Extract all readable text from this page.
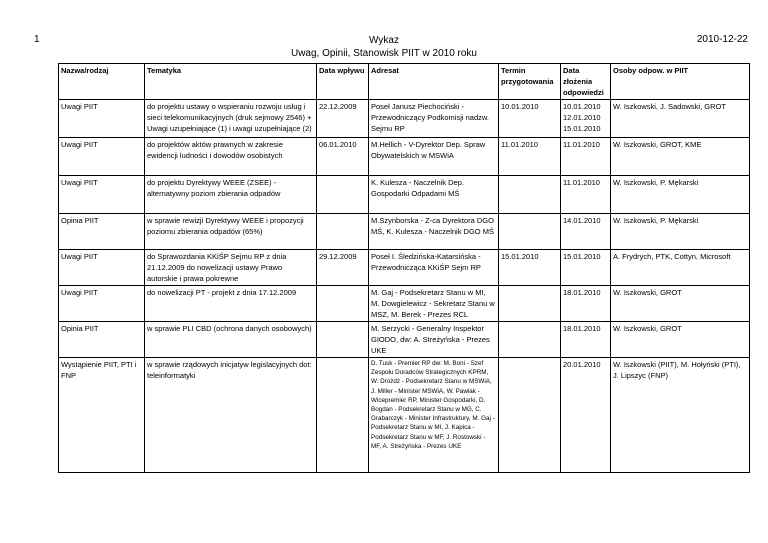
1	Wykaz
Uwag, Opinii, Stanowisk PIIT w 2010 roku
2010-12-22
Nazwa/rodzaj	Tematyka	Data wpływu	Adresat	Termin przygotowania	Data złożenia odpowiedzi	Osoby odpow. w PIIT
Uwagi PIIT	do projektu ustawy o wspieraniu rozwoju usług i sieci telekomunikacyjnych (druk sejmowy 2546) + Uwagi uzupełniające (1) i uwagi uzupełniające (2)	22.12.2009	Poseł Janusz Piechociński - Przewodniczący Podkomisji nadzw. Sejmu RP	10.01.2010	10.01.2010 12.01.2010 15.01.2010	W. Iszkowski, J. Sadowski, GROT
Uwagi PIIT	do projektów aktów prawnych w zakresie ewidencji ludności i dowodów osobistych	06.01.2010	M.Hellich - V-Dyrektor Dep. Spraw Obywatelskich w MSWiA	11.01.2010	11.01.2010	W. Iszkowski, GROT, KME
Uwagi PIIT	do projektu Dyrektywy WEEE (ZSEE) - alternatywny poziom zbierania odpadów		K. Kulesza - Naczelnik Dep. Gospodarki Odpadami MŚ		11.01.2010	W. Iszkowski, P. Mękarski
Opinia PIIT	w sprawie rewizji Dyrektywy WEEE i propozycji poziomu zbierania odpadów (65%)		M.Szynborska - Z-ca Dyrektora DGO MŚ, K. Kulesza - Naczelnik DGO MŚ		14.01.2010	W. Iszkowski, P. Mękarski
Uwagi PIIT	do Sprawozdania KKiŚP Sejmu RP z dnia 21.12.2009 do nowelizacji ustawy Prawo autorskie i prawa pokrewne	29.12.2009	Poseł I. Śledzińska-Katarsińska - Przewodnicząca KKiŚP Sejm RP	15.01.2010	15.01.2010	A. Frydrych, PTK, Cottyn, Microsoft
Uwagi PIIT	do nowelizacji PT - projekt z dnia 17.12.2009		M. Gaj - Podsekretarz Stanu w MI, M. Dowgielewicz - Sekretarz Stanu w MSZ, M. Berek - Prezes RCL		18.01.2010	W. Iszkowski, GROT
Opinia PIIT	w sprawie PLI CBD (ochrona danych osobowych)		M. Serzycki - Generalny Inspektor GIODO, dw: A. Streżyńska - Prezes UKE		18.01.2010	W. Iszkowski, GROT
Wystąpienie PIIT, PTI i FNP	w sprawie rządowych inicjatyw legislacyjnych dot: teleinformatyki		D. Tusk - Premier RP dw: M. Boni - Szef Zespołu Doradców Strategicznych KPRM, W. Drożdż - Podsekretarz Stanu w MSWiA, J. Miller - Minister MSWiA, W. Pawlak - Wicepremier RP, Minister Gospodarki, D. Bogdan - Podsekretarz Stanu w MG, C. Grabarczyk - Minister Infrastruktury, M. Gaj - Podsekretarz Stanu w MI, J. Kapica - Podsekretarz Stanu w MF, J. Rostowski - MF, A. Streżyńska - Prezes UKE		20.01.2010	W. Iszkowski (PIIT), M. Hołyński (PTI), J. Lipszyc (FNP)
